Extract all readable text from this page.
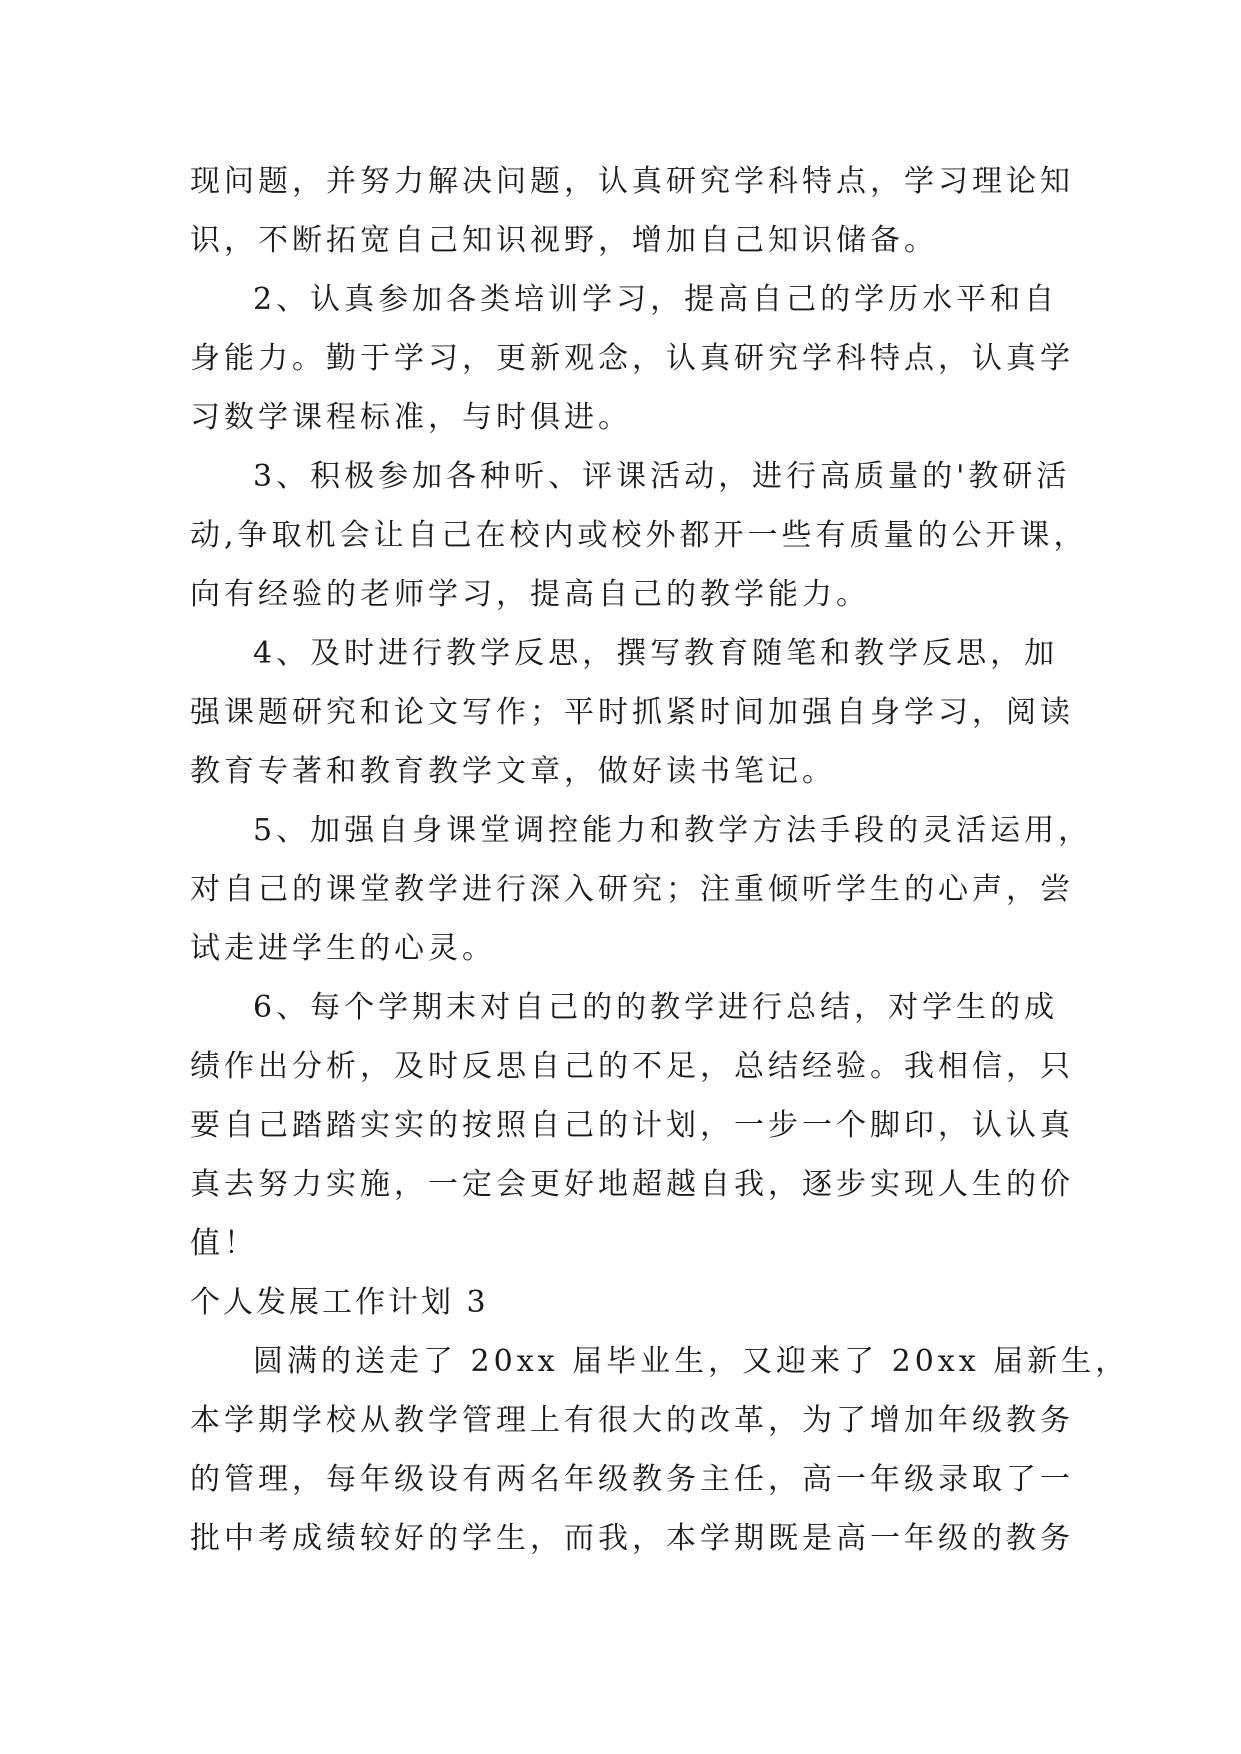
现问题，并努力解决问题，认真研究学科特点，学习理论知
识，不断拓宽自己知识视野，增加自己知识储备。
2、认真参加各类培训学习，提高自己的学历水平和自
身能力。勤于学习，更新观念，认真研究学科特点，认真学
习数学课程标准，与时俱进。
3、积极参加各种听、评课活动，进行高质量的'教研活
动,争取机会让自己在校内或校外都开一些有质量的公开课，
向有经验的老师学习，提高自己的教学能力。
4、及时进行教学反思，撰写教育随笔和教学反思，加
强课题研究和论文写作；平时抓紧时间加强自身学习，阅读
教育专著和教育教学文章，做好读书笔记。
5、加强自身课堂调控能力和教学方法手段的灵活运用，
对自己的课堂教学进行深入研究；注重倾听学生的心声，尝
试走进学生的心灵。
6、每个学期末对自己的的教学进行总结，对学生的成
绩作出分析，及时反思自己的不足，总结经验。我相信，只
要自己踏踏实实的按照自己的计划，一步一个脚印，认认真
真去努力实施，一定会更好地超越自我，逐步实现人生的价
值！
个人发展工作计划 3
圆满的送走了 20xx 届毕业生，又迎来了 20xx 届新生，
本学期学校从教学管理上有很大的改革，为了增加年级教务
的管理，每年级设有两名年级教务主任，高一年级录取了一
批中考成绩较好的学生，而我，本学期既是高一年级的教务
